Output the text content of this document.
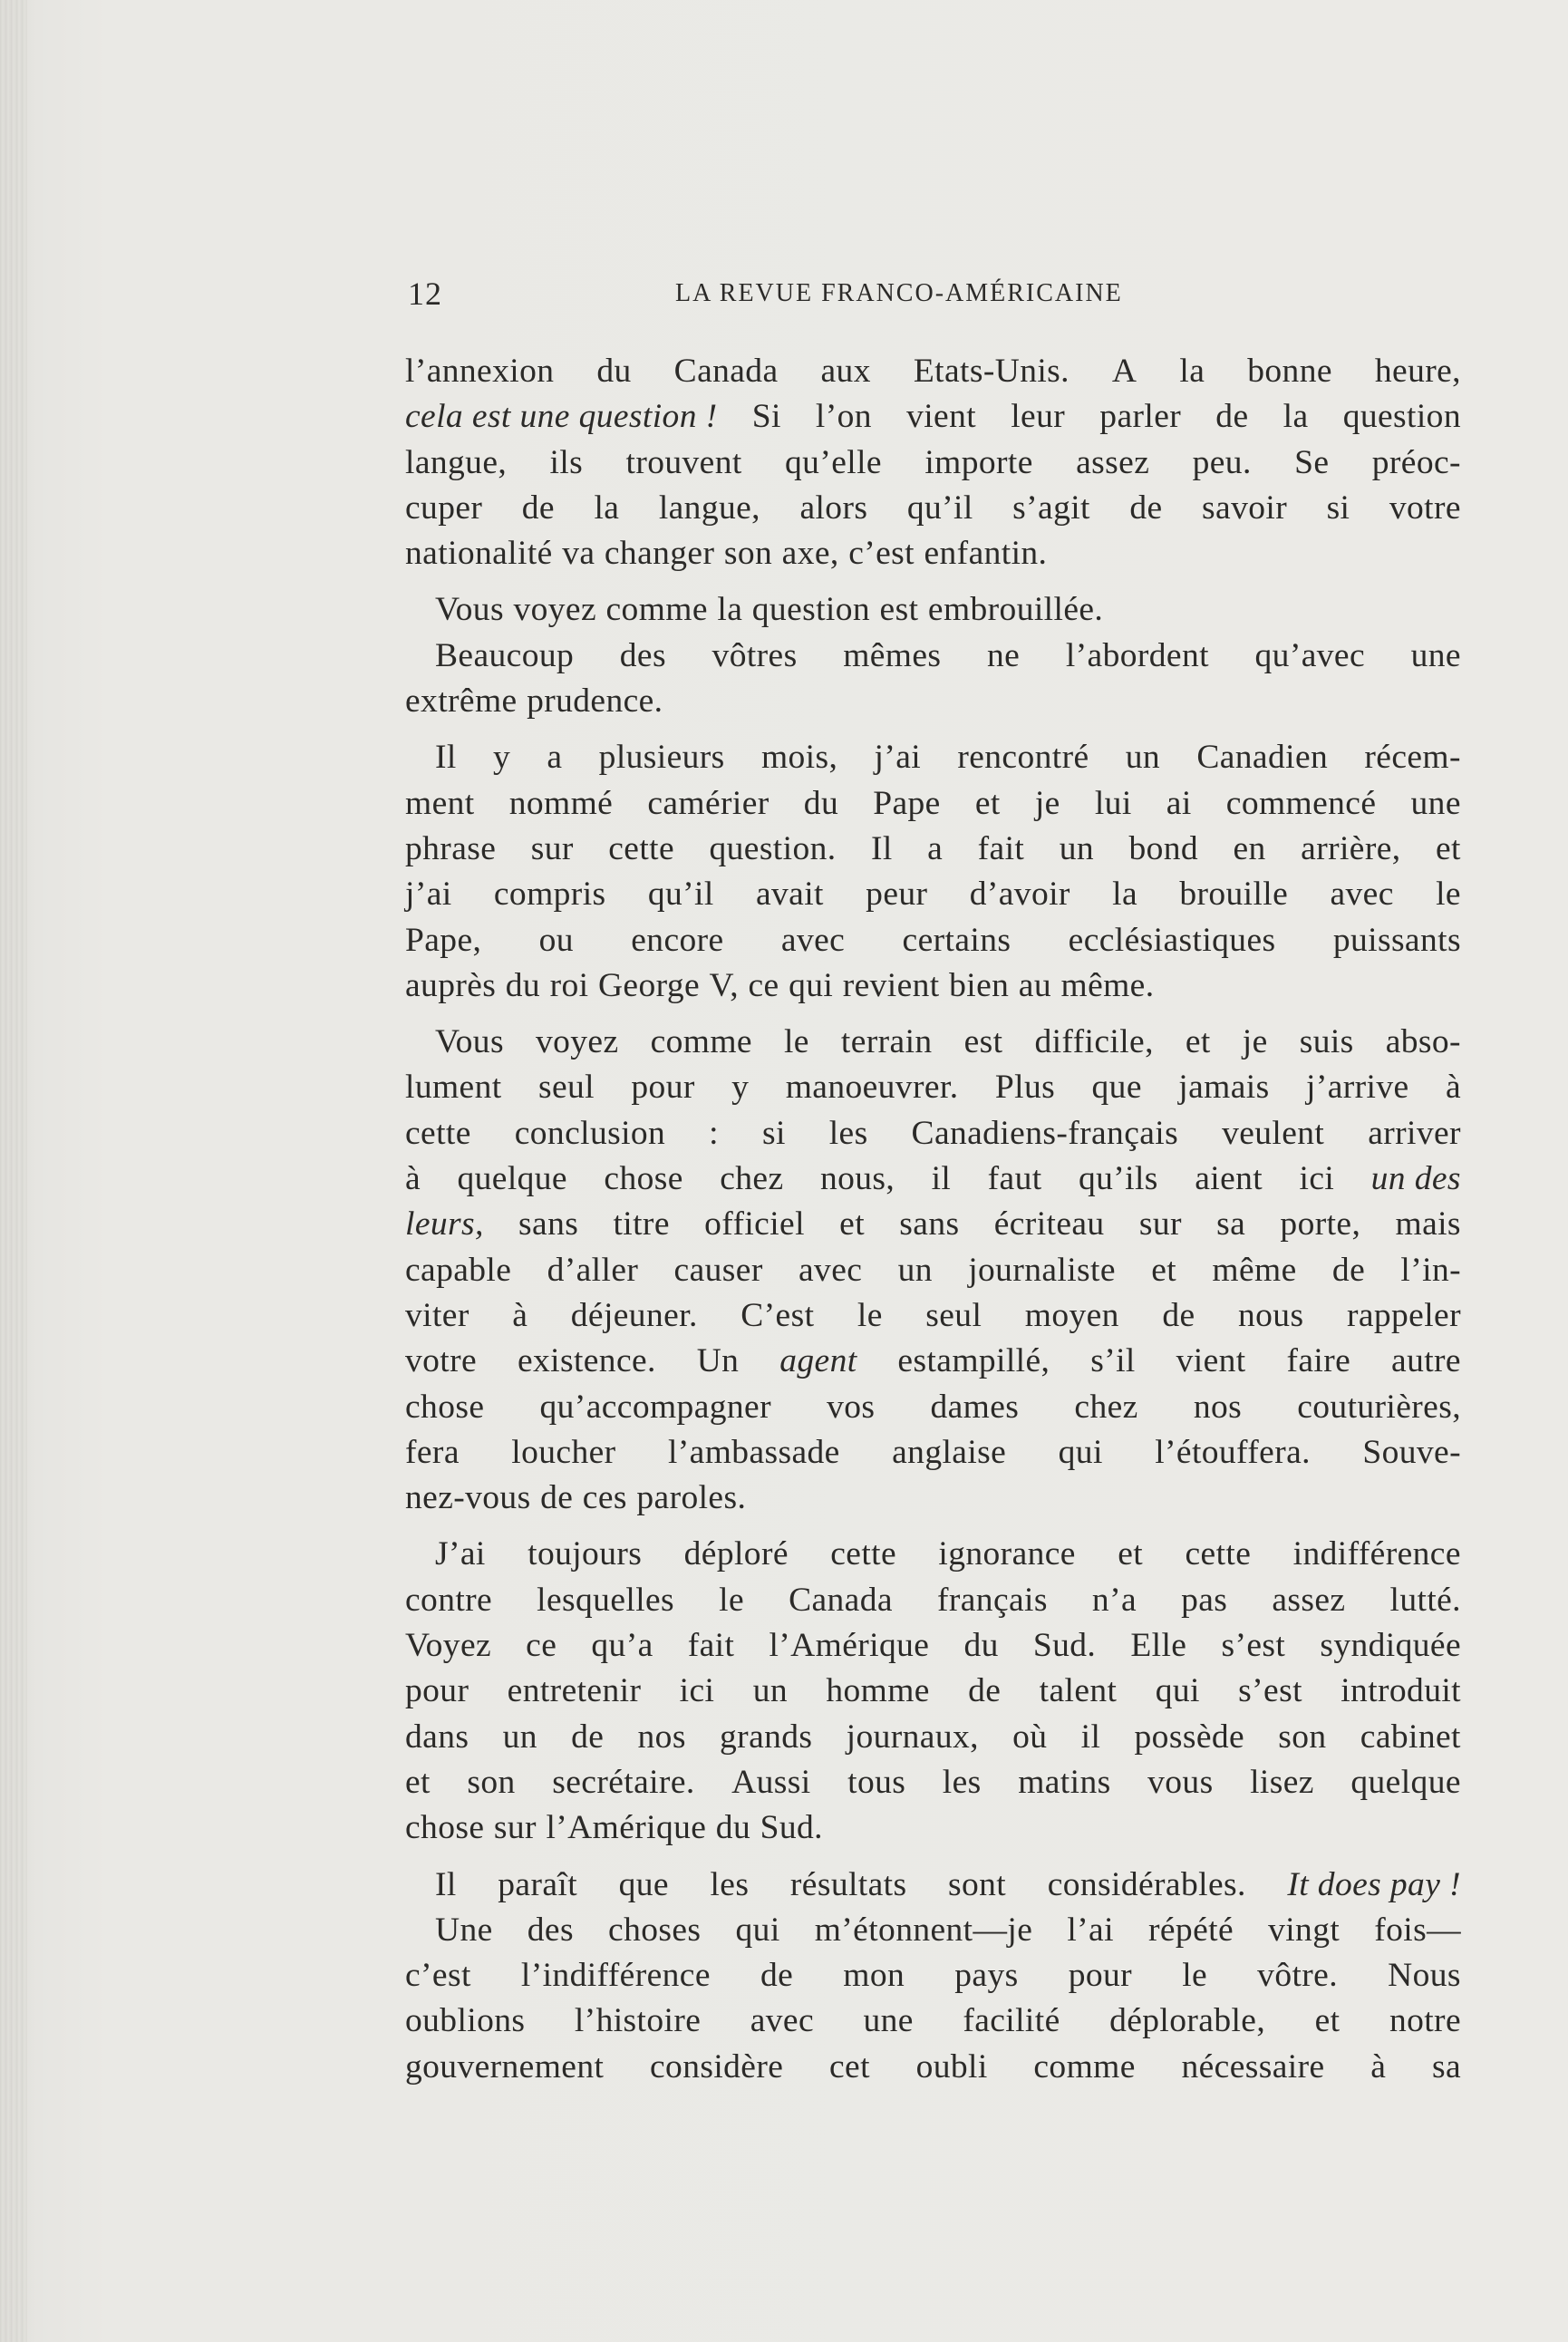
12	LA REVUE FRANCO-AMÉRICAINE
l’annexion du Canada aux Etats-Unis. A la bonne heure,
cela est une question ! Si l’on vient leur parler de la question
langue, ils trouvent qu’elle importe assez peu. Se préoc-
cuper de la langue, alors qu’il s’agit de savoir si votre
nationalité va changer son axe, c’est enfantin.
Vous voyez comme la question est embrouillée.
Beaucoup des vôtres mêmes ne l’abordent qu’avec une
extrême prudence.
Il y a plusieurs mois, j’ai rencontré un Canadien récem-
ment nommé camérier du Pape et je lui ai commencé une
phrase sur cette question. Il a fait un bond en arrière, et
j’ai compris qu’il avait peur d’avoir la brouille avec le
Pape, ou encore avec certains ecclésiastiques puissants
auprès du roi George V, ce qui revient bien au même.
Vous voyez comme le terrain est difficile, et je suis abso-
lument seul pour y manoeuvrer. Plus que jamais j’arrive à
cette conclusion : si les Canadiens-français veulent arriver
à quelque chose chez nous, il faut qu’ils aient ici un des
leurs, sans titre officiel et sans écriteau sur sa porte, mais
capable d’aller causer avec un journaliste et même de l’in-
viter à déjeuner. C’est le seul moyen de nous rappeler
votre existence. Un agent estampillé, s’il vient faire autre
chose qu’accompagner vos dames chez nos couturières,
fera loucher l’ambassade anglaise qui l’étouffera. Souve-
nez-vous de ces paroles.
J’ai toujours déploré cette ignorance et cette indifférence
contre lesquelles le Canada français n’a pas assez lutté.
Voyez ce qu’a fait l’Amérique du Sud. Elle s’est syndiquée
pour entretenir ici un homme de talent qui s’est introduit
dans un de nos grands journaux, où il possède son cabinet
et son secrétaire. Aussi tous les matins vous lisez quelque
chose sur l’Amérique du Sud.
Il paraît que les résultats sont considérables. It does pay !
Une des choses qui m’étonnent—je l’ai répété vingt fois—
c’est l’indifférence de mon pays pour le vôtre. Nous
oublions l’histoire avec une facilité déplorable, et notre
gouvernement considère cet oubli comme nécessaire à sa
